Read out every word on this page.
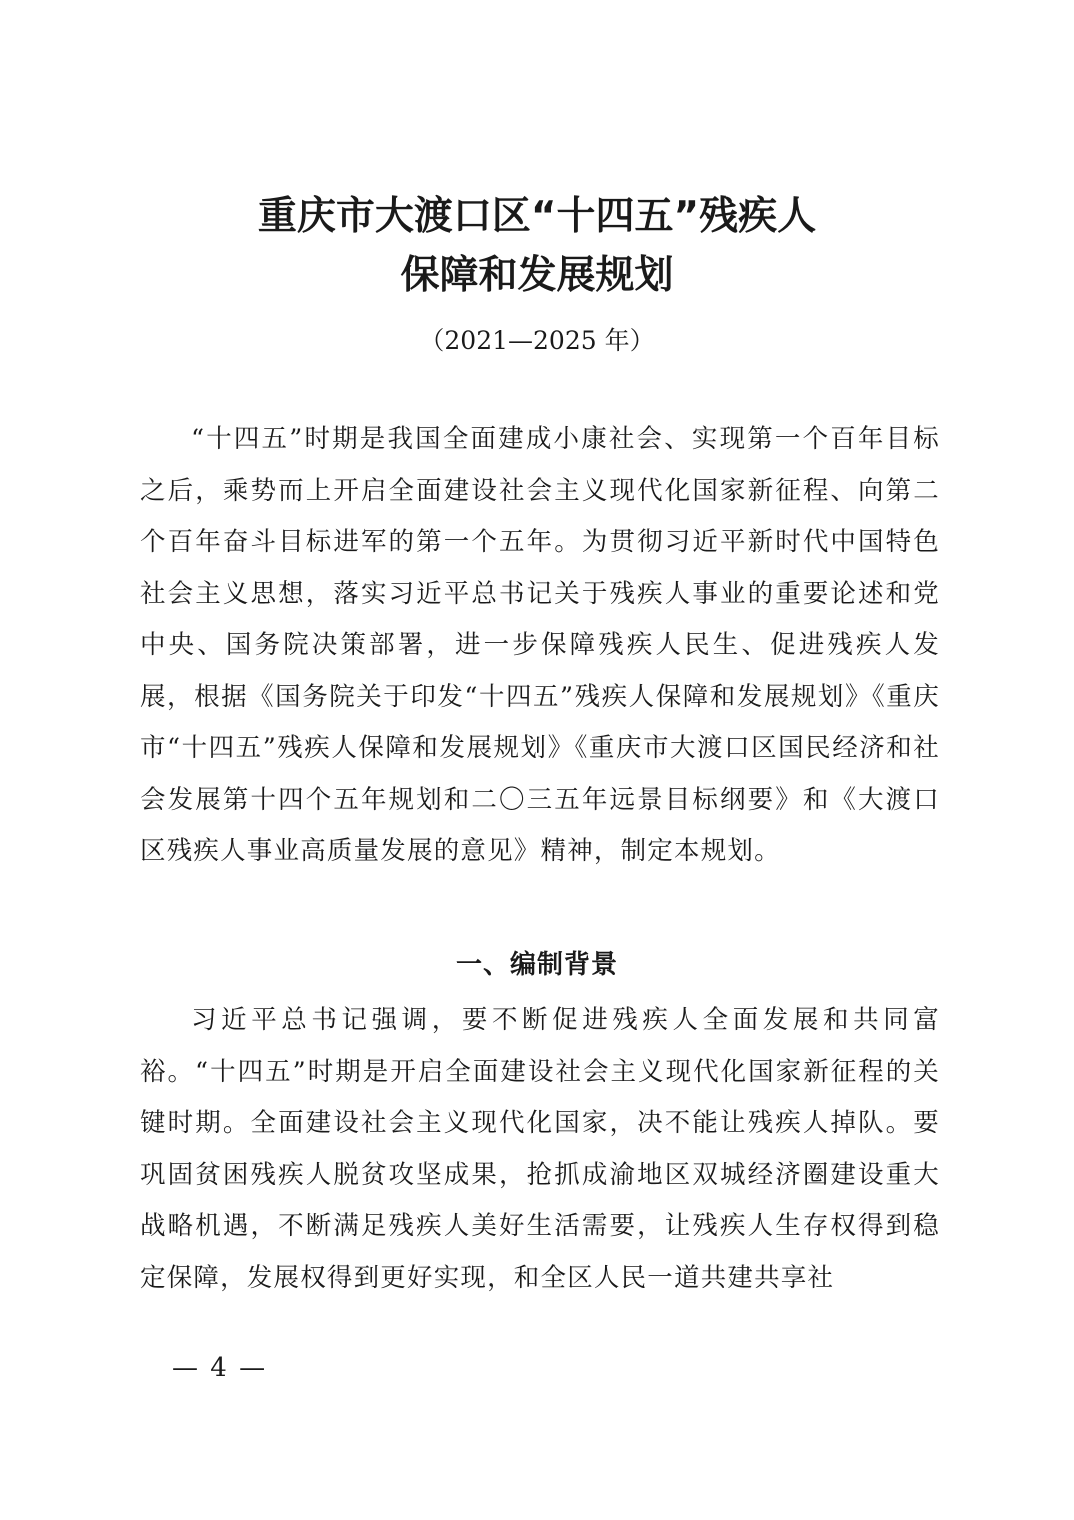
重庆市大渡口区“十四五”残疾人
保障和发展规划
（2021—2025 年）

“十四五”时期是我国全面建成小康社会、实现第一个百年目标之后，乘势而上开启全面建设社会主义现代化国家新征程、向第二个百年奋斗目标进军的第一个五年。为贯彻习近平新时代中国特色社会主义思想，落实习近平总书记关于残疾人事业的重要论述和党中央、国务院决策部署，进一步保障残疾人民生、促进残疾人发展，根据《国务院关于印发“十四五”残疾人保障和发展规划》《重庆市“十四五”残疾人保障和发展规划》《重庆市大渡口区国民经济和社会发展第十四个五年规划和二〇三五年远景目标纲要》和《大渡口区残疾人事业高质量发展的意见》精神，制定本规划。

一、编制背景

习近平总书记强调，要不断促进残疾人全面发展和共同富裕。“十四五”时期是开启全面建设社会主义现代化国家新征程的关键时期。全面建设社会主义现代化国家，决不能让残疾人掉队。要巩固贫困残疾人脱贫攻坚成果，抢抓成渝地区双城经济圈建设重大战略机遇，不断满足残疾人美好生活需要，让残疾人生存权得到稳定保障，发展权得到更好实现，和全区人民一道共建共享社

— 4 —
